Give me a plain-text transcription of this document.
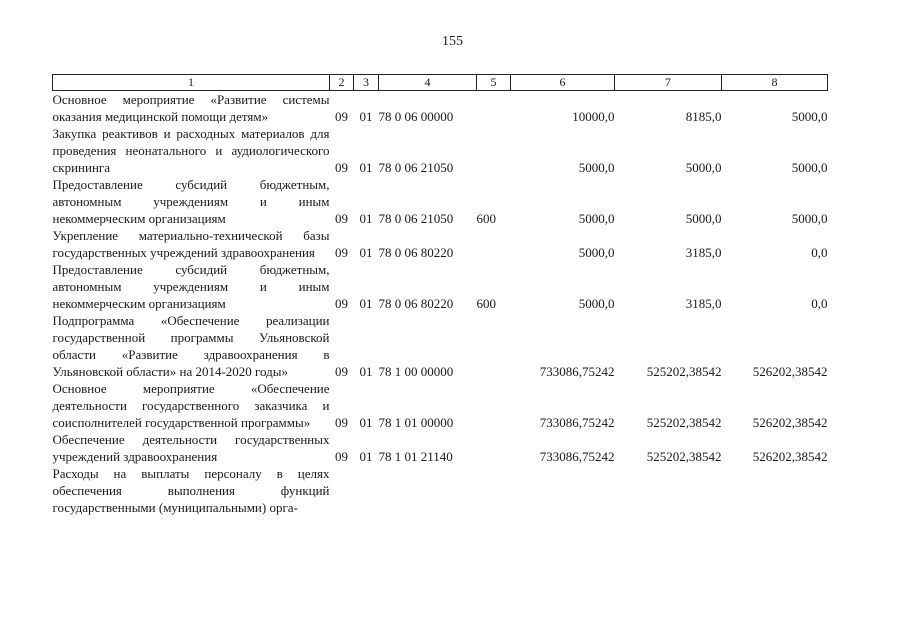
155
1	2	3	4	5	6	7	8
Основное мероприятие «Развитие системы оказания медицинской помощи детям»	09	01	78 0 06 00000		10000,0	8185,0	5000,0
Закупка реактивов и расходных материалов для проведения неонатального и аудиологического скрининга	09	01	78 0 06 21050		5000,0	5000,0	5000,0
Предоставление субсидий бюджетным, автономным учреждениям и иным некоммерческим организациям	09	01	78 0 06 21050	600	5000,0	5000,0	5000,0
Укрепление материально-технической базы государственных учреждений здравоохранения	09	01	78 0 06 80220		5000,0	3185,0	0,0
Предоставление субсидий бюджетным, автономным учреждениям и иным некоммерческим организациям	09	01	78 0 06 80220	600	5000,0	3185,0	0,0
Подпрограмма «Обеспечение реализации государственной программы Ульяновской области «Развитие здравоохранения в Ульяновской области» на 2014-2020 годы»	09	01	78 1 00 00000		733086,75242	525202,38542	526202,38542
Основное мероприятие «Обеспечение деятельности государственного заказчика и соисполнителей государственной программы»	09	01	78 1 01 00000		733086,75242	525202,38542	526202,38542
Обеспечение деятельности государственных учреждений здравоохранения	09	01	78 1 01 21140		733086,75242	525202,38542	526202,38542
Расходы на выплаты персоналу в целях обеспечения выполнения функций государственными (муниципальными) орга-							
